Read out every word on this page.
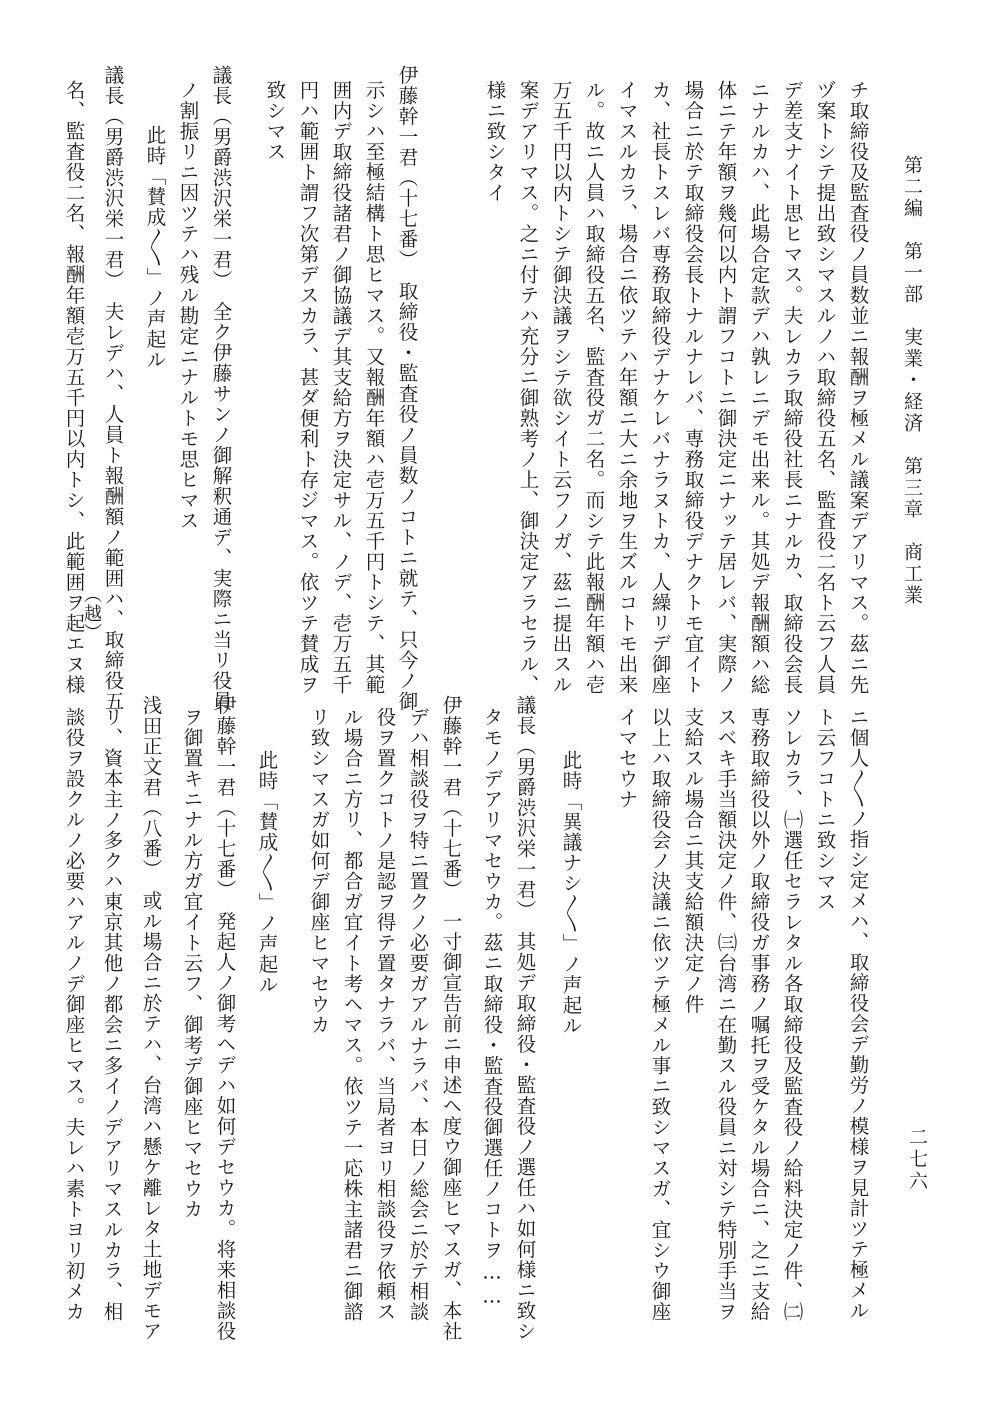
第二編　第一部　実業・経済　第三章　商工業
チ取締役及監査役ノ員数並ニ報酬ヲ極メル議案デアリマス。茲ニ先
ヅ案トシテ提出致シマスルノハ取締役五名、監査役二名ト云フ人員
デ差支ナイト思ヒマス。夫レカラ取締役社長ニナルカ、取締役会長
ニナルカハ、此場合定款デハ孰レニデモ出来ル。其処デ報酬額ハ総
体ニテ年額ヲ幾何以内ト謂フコトニ御決定ニナッテ居レバ、実際ノ
場合ニ於テ取締役会長トナルナレバ、専務取締役デナクトモ宜イト
カ、社長トスレバ専務取締役デナケレバナラヌトカ、人繰リデ御座
イマスルカラ、場合ニ依ツテハ年額ニ大ニ余地ヲ生ズルコトモ出来
ル。故ニ人員ハ取締役五名、監査役ガ二名。而シテ此報酬年額ハ壱
万五千円以内トシテ御決議ヲシテ欲シイト云フノガ、茲ニ提出スル
案デアリマス。之ニ付テハ充分ニ御熟考ノ上、御決定アラセラル、
様ニ致シタイ
伊藤幹一君（十七番）　取締役・監査役ノ員数ノコトニ就テ、只今ノ御
示シハ至極結構ト思ヒマス。又報酬年額ハ壱万五千円トシテ、其範
囲内デ取締役諸君ノ御協議デ其支給方ヲ決定サル、ノデ、壱万五千
円ハ範囲ト謂フ次第デスカラ、甚ダ便利ト存ジマス。依ツテ賛成ヲ
致シマス
議長（男爵渋沢栄一君）　全ク伊藤サンノ御解釈通デ、実際ニ当リ役員
ノ割振リニ因ツテハ残ル勘定ニナルトモ思ヒマス
此時「賛成〳〵」ノ声起ル
議長（男爵渋沢栄一君）　夫レデハ、人員ト報酬額ノ範囲ハ、取締役五
名、監査役二名、報酬年額壱万五千円以内トシ、此範囲ヲ起エヌ様
（越）
ニ個人〳〵ノ指シ定メハ、取締役会デ勤労ノ模様ヲ見計ツテ極メル
ト云フコトニ致シマス
ソレカラ、㈠選任セラレタル各取締役及監査役ノ給料決定ノ件、㈡
専務取締役以外ノ取締役ガ事務ノ嘱托ヲ受ケタル場合ニ、之ニ支給
スベキ手当額決定ノ件、㈢台湾ニ在勤スル役員ニ対シテ特別手当ヲ
支給スル場合ニ其支給額決定ノ件
以上ハ取締役会ノ決議ニ依ツテ極メル事ニ致シマスガ、宜シウ御座
イマセウナ
此時「異議ナシ〳〵」ノ声起ル
議長（男爵渋沢栄一君）　其処デ取締役・監査役ノ選任ハ如何様ニ致シ
タモノデアリマセウカ。茲ニ取締役・監査役御選任ノコトヲ……
伊藤幹一君（十七番）　一寸御宣告前ニ申述ヘ度ウ御座ヒマスガ、本社
デハ相談役ヲ特ニ置クノ必要ガアルナラバ、本日ノ総会ニ於テ相談
役ヲ置クコトノ是認ヲ得テ置タナラバ、当局者ヨリ相談役ヲ依頼ス
ル場合ニ方リ、都合ガ宜イト考ヘマス。依ツテ一応株主諸君ニ御諮
リ致シマスガ如何デ御座ヒマセウカ
此時「賛成〳〵」ノ声起ル
伊藤幹一君（十七番）　発起人ノ御考ヘデハ如何デセウカ。将来相談役
ヲ御置キニナル方ガ宜イト云フ、御考デ御座ヒマセウカ
浅田正文君（八番）　或ル場合ニ於テハ、台湾ハ懸ケ離レタ土地デモア
リ、資本主ノ多クハ東京其他ノ都会ニ多イノデアリマスルカラ、相
談役ヲ設クルノ必要ハアルノデ御座ヒマス。夫レハ素トヨリ初メカ	二七六
